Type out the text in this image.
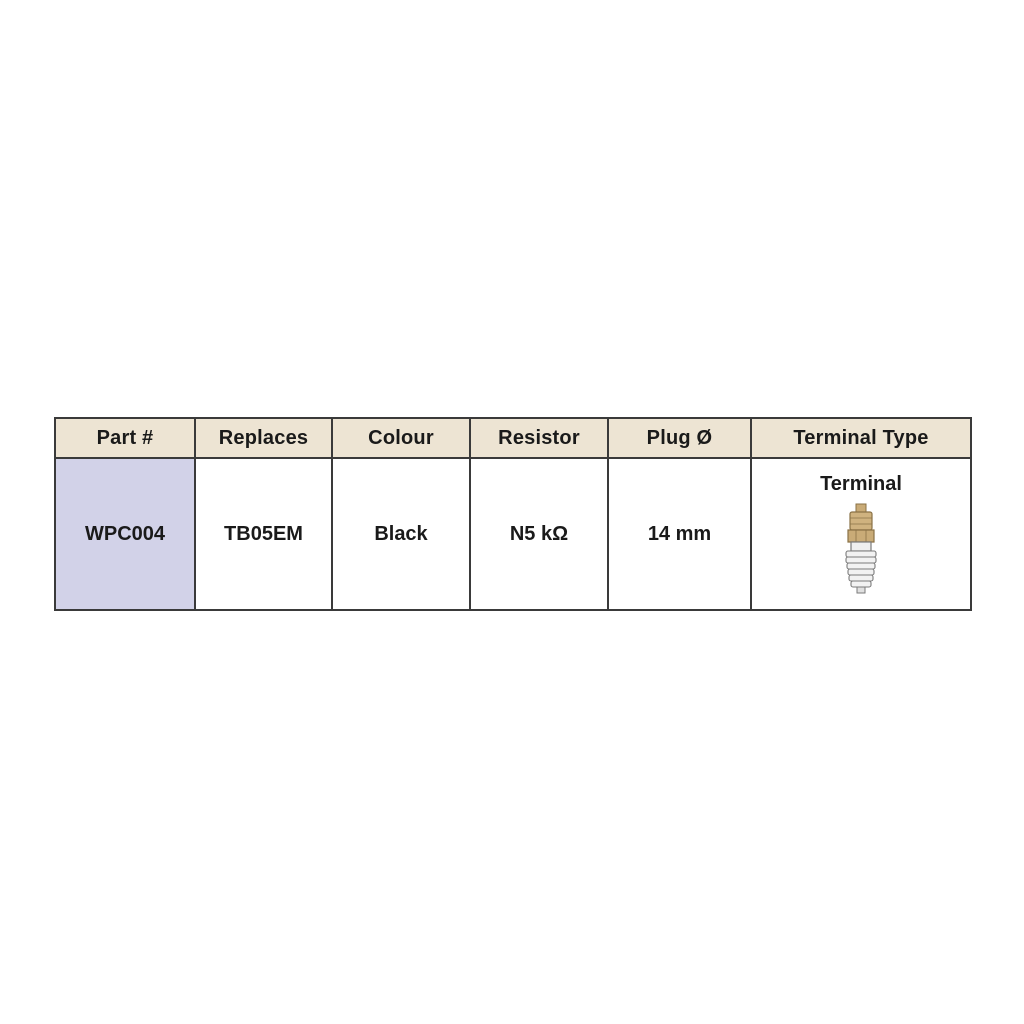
Part #	Replaces	Colour	Resistor	Plug Ø	Terminal Type
WPC004	TB05EM	Black	N5 kΩ	14 mm	Terminal
